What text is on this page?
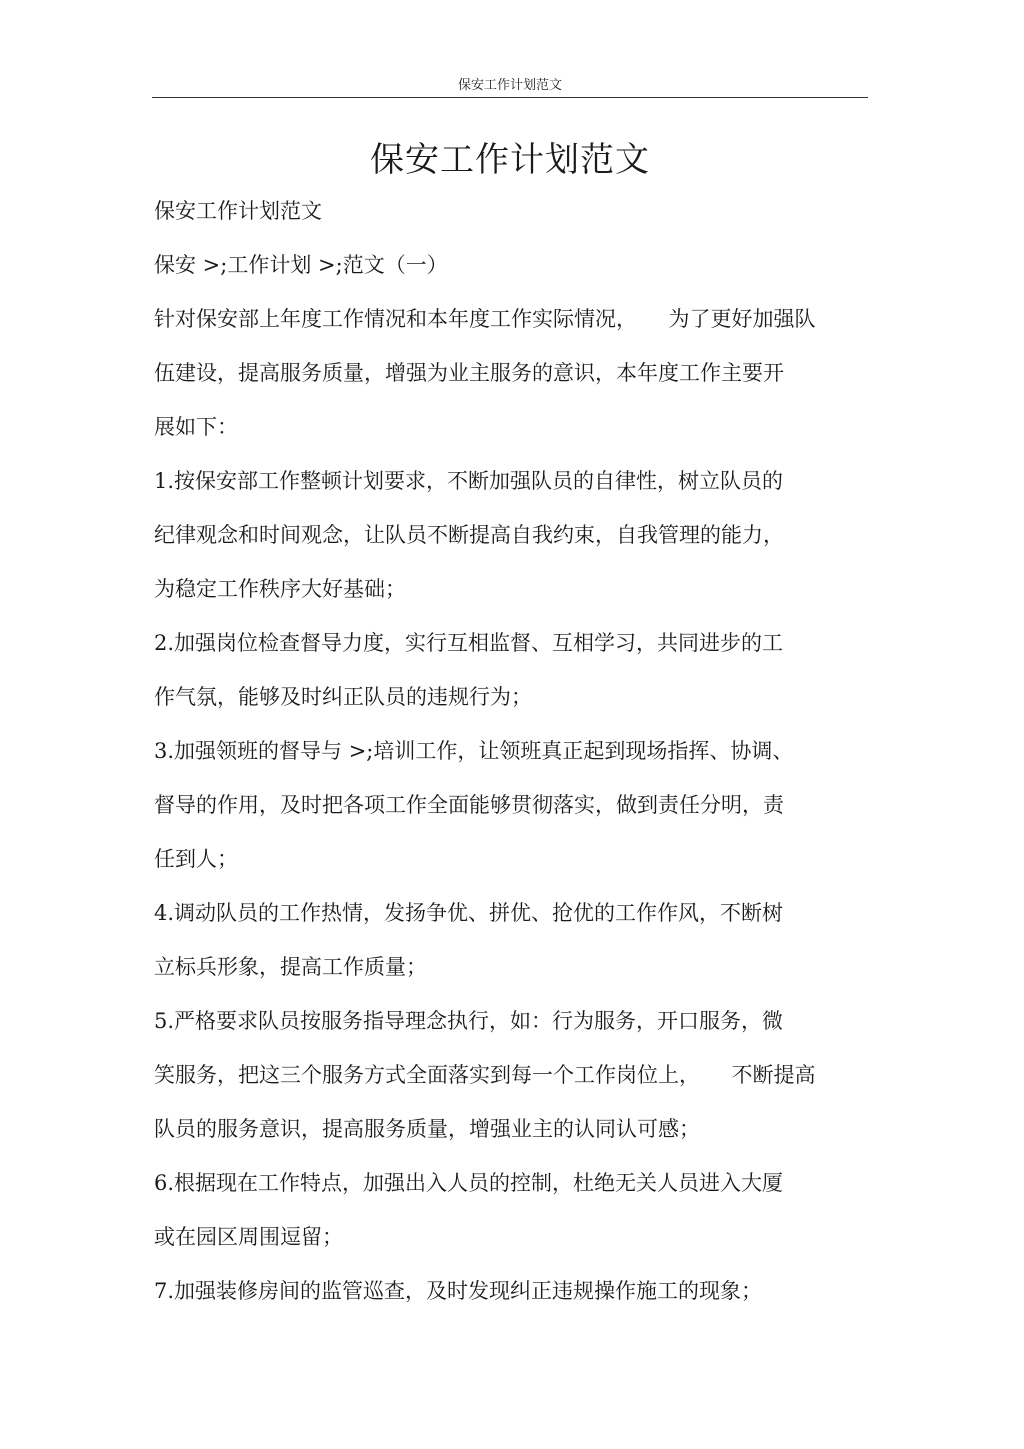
保安工作计划范文
保安工作计划范文
保安工作计划范文
保安 >;工作计划 >;范文（一）
针对保安部上年度工作情况和本年度工作实际情况，　　为了更好加强队
伍建设，提高服务质量，增强为业主服务的意识，本年度工作主要开
展如下：
1.按保安部工作整顿计划要求，不断加强队员的自律性，树立队员的
纪律观念和时间观念，让队员不断提高自我约束，自我管理的能力，
为稳定工作秩序大好基础；
2.加强岗位检查督导力度，实行互相监督、互相学习，共同进步的工
作气氛，能够及时纠正队员的违规行为；
3.加强领班的督导与 >;培训工作，让领班真正起到现场指挥、协调、
督导的作用，及时把各项工作全面能够贯彻落实，做到责任分明，责
任到人；
4.调动队员的工作热情，发扬争优、拼优、抢优的工作作风，不断树
立标兵形象，提高工作质量；
5.严格要求队员按服务指导理念执行，如：行为服务，开口服务，微
笑服务，把这三个服务方式全面落实到每一个工作岗位上，　　不断提高
队员的服务意识，提高服务质量，增强业主的认同认可感；
6.根据现在工作特点，加强出入人员的控制，杜绝无关人员进入大厦
或在园区周围逗留；
7.加强装修房间的监管巡查，及时发现纠正违规操作施工的现象；
